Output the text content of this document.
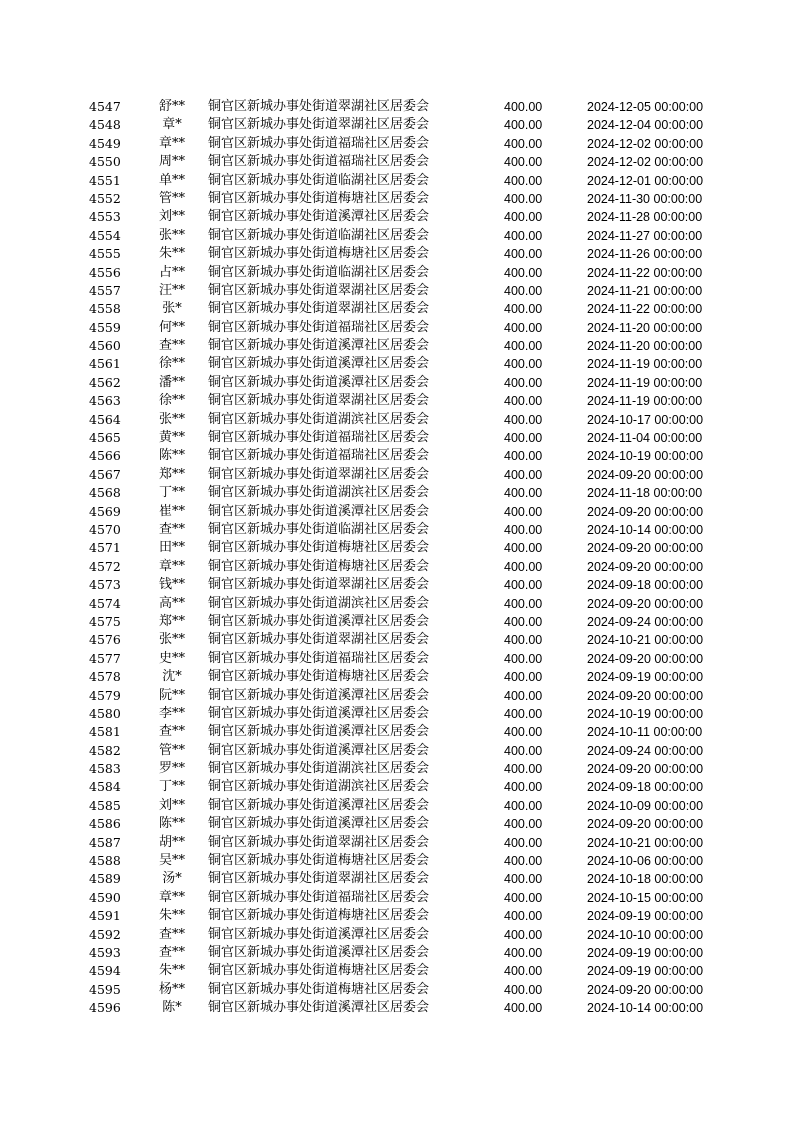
4547	舒**	铜官区新城办事处街道翠湖社区居委会	400.00	2024-12-05 00:00:00
4548	章*	铜官区新城办事处街道翠湖社区居委会	400.00	2024-12-04 00:00:00
4549	章**	铜官区新城办事处街道福瑞社区居委会	400.00	2024-12-02 00:00:00
4550	周**	铜官区新城办事处街道福瑞社区居委会	400.00	2024-12-02 00:00:00
4551	单**	铜官区新城办事处街道临湖社区居委会	400.00	2024-12-01 00:00:00
4552	管**	铜官区新城办事处街道梅塘社区居委会	400.00	2024-11-30 00:00:00
4553	刘**	铜官区新城办事处街道溪潭社区居委会	400.00	2024-11-28 00:00:00
4554	张**	铜官区新城办事处街道临湖社区居委会	400.00	2024-11-27 00:00:00
4555	朱**	铜官区新城办事处街道梅塘社区居委会	400.00	2024-11-26 00:00:00
4556	占**	铜官区新城办事处街道临湖社区居委会	400.00	2024-11-22 00:00:00
4557	汪**	铜官区新城办事处街道翠湖社区居委会	400.00	2024-11-21 00:00:00
4558	张*	铜官区新城办事处街道翠湖社区居委会	400.00	2024-11-22 00:00:00
4559	何**	铜官区新城办事处街道福瑞社区居委会	400.00	2024-11-20 00:00:00
4560	查**	铜官区新城办事处街道溪潭社区居委会	400.00	2024-11-20 00:00:00
4561	徐**	铜官区新城办事处街道溪潭社区居委会	400.00	2024-11-19 00:00:00
4562	潘**	铜官区新城办事处街道溪潭社区居委会	400.00	2024-11-19 00:00:00
4563	徐**	铜官区新城办事处街道翠湖社区居委会	400.00	2024-11-19 00:00:00
4564	张**	铜官区新城办事处街道湖滨社区居委会	400.00	2024-10-17 00:00:00
4565	黄**	铜官区新城办事处街道福瑞社区居委会	400.00	2024-11-04 00:00:00
4566	陈**	铜官区新城办事处街道福瑞社区居委会	400.00	2024-10-19 00:00:00
4567	郑**	铜官区新城办事处街道翠湖社区居委会	400.00	2024-09-20 00:00:00
4568	丁**	铜官区新城办事处街道湖滨社区居委会	400.00	2024-11-18 00:00:00
4569	崔**	铜官区新城办事处街道溪潭社区居委会	400.00	2024-09-20 00:00:00
4570	查**	铜官区新城办事处街道临湖社区居委会	400.00	2024-10-14 00:00:00
4571	田**	铜官区新城办事处街道梅塘社区居委会	400.00	2024-09-20 00:00:00
4572	章**	铜官区新城办事处街道梅塘社区居委会	400.00	2024-09-20 00:00:00
4573	钱**	铜官区新城办事处街道翠湖社区居委会	400.00	2024-09-18 00:00:00
4574	高**	铜官区新城办事处街道湖滨社区居委会	400.00	2024-09-20 00:00:00
4575	郑**	铜官区新城办事处街道溪潭社区居委会	400.00	2024-09-24 00:00:00
4576	张**	铜官区新城办事处街道翠湖社区居委会	400.00	2024-10-21 00:00:00
4577	史**	铜官区新城办事处街道福瑞社区居委会	400.00	2024-09-20 00:00:00
4578	沈*	铜官区新城办事处街道梅塘社区居委会	400.00	2024-09-19 00:00:00
4579	阮**	铜官区新城办事处街道溪潭社区居委会	400.00	2024-09-20 00:00:00
4580	李**	铜官区新城办事处街道溪潭社区居委会	400.00	2024-10-19 00:00:00
4581	查**	铜官区新城办事处街道溪潭社区居委会	400.00	2024-10-11 00:00:00
4582	管**	铜官区新城办事处街道溪潭社区居委会	400.00	2024-09-24 00:00:00
4583	罗**	铜官区新城办事处街道湖滨社区居委会	400.00	2024-09-20 00:00:00
4584	丁**	铜官区新城办事处街道湖滨社区居委会	400.00	2024-09-18 00:00:00
4585	刘**	铜官区新城办事处街道溪潭社区居委会	400.00	2024-10-09 00:00:00
4586	陈**	铜官区新城办事处街道溪潭社区居委会	400.00	2024-09-20 00:00:00
4587	胡**	铜官区新城办事处街道翠湖社区居委会	400.00	2024-10-21 00:00:00
4588	吴**	铜官区新城办事处街道梅塘社区居委会	400.00	2024-10-06 00:00:00
4589	汤*	铜官区新城办事处街道翠湖社区居委会	400.00	2024-10-18 00:00:00
4590	章**	铜官区新城办事处街道福瑞社区居委会	400.00	2024-10-15 00:00:00
4591	朱**	铜官区新城办事处街道梅塘社区居委会	400.00	2024-09-19 00:00:00
4592	查**	铜官区新城办事处街道溪潭社区居委会	400.00	2024-10-10 00:00:00
4593	查**	铜官区新城办事处街道溪潭社区居委会	400.00	2024-09-19 00:00:00
4594	朱**	铜官区新城办事处街道梅塘社区居委会	400.00	2024-09-19 00:00:00
4595	杨**	铜官区新城办事处街道梅塘社区居委会	400.00	2024-09-20 00:00:00
4596	陈*	铜官区新城办事处街道溪潭社区居委会	400.00	2024-10-14 00:00:00
